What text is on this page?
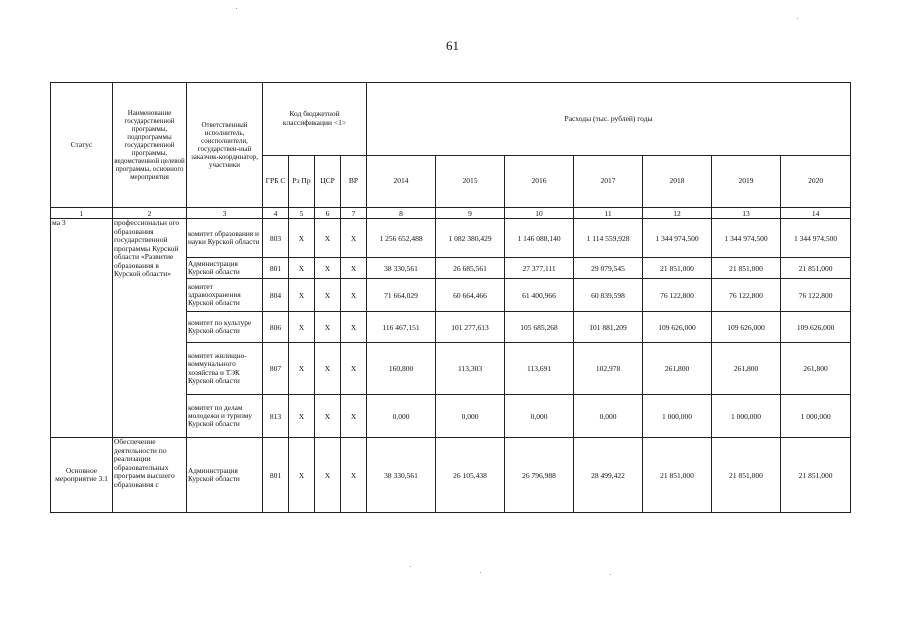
61
Статус	Наименование государственной программы, подпрограммы государственной программы, ведомственной целевой программы, основного мероприятия	Ответственный исполнитель, соисполнители, государствен-ный заказчик-координатор, участники	Код бюджетной классификации <1>				Расходы (тыс. рублей) годы						
			ГРБ С	Рз Пр	ЦСР	ВР	2014	2015	2016	2017	2018	2019	2020
1	2	3	4	5	6	7	8	9	10	11	12	13	14
ма 3	профессиональн ого образования государственной программы Курской области «Развитие образования в Курской области»	комитет образования и науки Курской области	803	Х	Х	Х	1 256 652,488	1 082 380,429	1 146 088,140	1 114 559,928	1 344 974,500	1 344 974,500	1 344 974,500
		Администрация Курской области	801	Х	Х	Х	38 330,561	26 685,561	27 377,111	29 079,545	21 851,000	21 851,000	21 851,000
		комитет здравоохранения Курской области	804	Х	Х	Х	71 664,029	60 664,466	61 400,966	60 839,598	76 122,800	76 122,800	76 122,800
		комитет по культуре Курской области	806	Х	Х	Х	116 467,151	101 277,613	105 685,268	101 881,209	109 626,000	109 626,000	109 626,000
		комитет жилищно-коммунального хозяйства и ТЭК Курской области	807	Х	Х	Х	160,800	113,303	113,691	102,978	261,800	261,800	261,800
		комитет по делам молодежи и туризму Курской области	813	Х	Х	Х	0,000	0,000	0,000	0,000	1 000,000	1 000,000	1 000,000
Основное мероприятие 3.1	Обеспечение деятельности по реализации образовательных программ высшего образования с	Администрация Курской области	801	Х	Х	Х	38 330,561	26 105,438	26 796,988	28 499,422	21 851,000	21 851,000	21 851,000
